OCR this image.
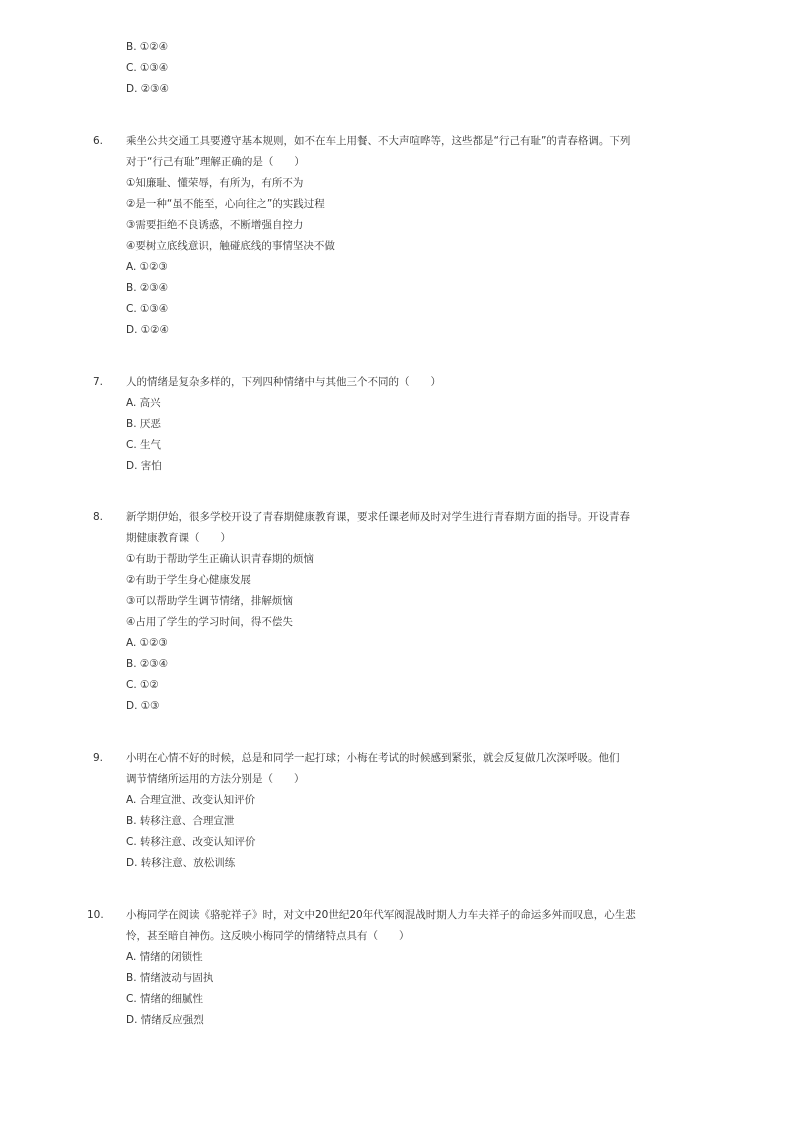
B. ①②④
C. ①③④
D. ②③④
6. 乘坐公共交通工具要遵守基本规则，如不在车上用餐、不大声喧哗等，这些都是“行己有耻”的青春格调。下列
对于“行己有耻”理解正确的是（　　）
①知廉耻、懂荣辱，有所为，有所不为
②是一种“虽不能至，心向往之”的实践过程
③需要拒绝不良诱惑，不断增强自控力
④要树立底线意识，触碰底线的事情坚决不做
A. ①②③
B. ②③④
C. ①③④
D. ①②④
7. 人的情绪是复杂多样的，下列四种情绪中与其他三个不同的（　　）
A. 高兴
B. 厌恶
C. 生气
D. 害怕
8. 新学期伊始，很多学校开设了青春期健康教育课，要求任课老师及时对学生进行青春期方面的指导。开设青春
期健康教育课（　　）
①有助于帮助学生正确认识青春期的烦恼
②有助于学生身心健康发展
③可以帮助学生调节情绪，排解烦恼
④占用了学生的学习时间，得不偿失
A. ①②③
B. ②③④
C. ①②
D. ①③
9. 小明在心情不好的时候，总是和同学一起打球；小梅在考试的时候感到紧张，就会反复做几次深呼吸。他们
调节情绪所运用的方法分别是（　　）
A. 合理宣泄、改变认知评价
B. 转移注意、合理宣泄
C. 转移注意、改变认知评价
D. 转移注意、放松训练
10. 小梅同学在阅读《骆驼祥子》时，对文中20世纪20年代军阀混战时期人力车夫祥子的命运多舛而叹息，心生悲
怜，甚至暗自神伤。这反映小梅同学的情绪特点具有（　　）
A. 情绪的闭锁性
B. 情绪波动与固执
C. 情绪的细腻性
D. 情绪反应强烈
